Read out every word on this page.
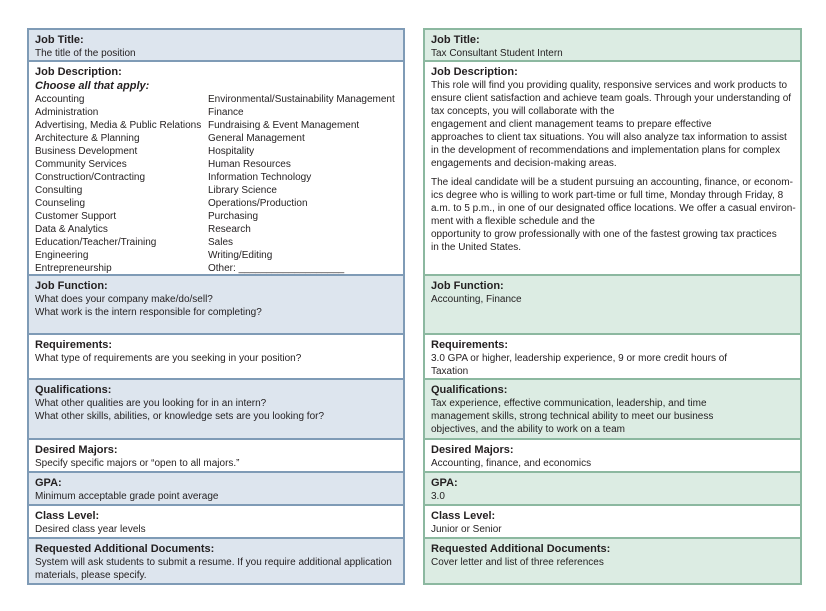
Job Title:
The title of the position
Job Description:
Choose all that apply:
Accounting
Administration
Advertising, Media & Public Relations
Architecture & Planning
Business Development
Community Services
Construction/Contracting
Consulting
Counseling
Customer Support
Data & Analytics
Education/Teacher/Training
Engineering
Entrepreneurship
Environmental/Sustainability Management
Finance
Fundraising & Event Management
General Management
Hospitality
Human Resources
Information Technology
Library Science
Operations/Production
Purchasing
Research
Sales
Writing/Editing
Other: ___________________
Job Function:
What does your company make/do/sell?
What work is the intern responsible for completing?
Requirements:
What type of requirements are you seeking in your position?
Qualifications:
What other qualities are you looking for in an intern?
What other skills, abilities, or knowledge sets are you looking for?
Desired Majors:
Specify specific majors or “open to all majors.”
GPA:
Minimum acceptable grade point average
Class Level:
Desired class year levels
Requested Additional Documents:
System will ask students to submit a resume. If you require additional application
materials, please specify.
Job Title:
Tax Consultant Student Intern
Job Description:
This role will find you providing quality, responsive services and work products to
ensure client satisfaction and achieve team goals. Through your understanding of
tax concepts, you will collaborate with the
engagement and client management teams to prepare effective
approaches to client tax situations. You will also analyze tax information to assist
in the development of recommendations and implementation plans for complex
engagements and decision-making areas.
The ideal candidate will be a student pursuing an accounting, finance, or econom-
ics degree who is willing to work part-time or full time, Monday through Friday, 8
a.m. to 5 p.m., in one of our designated office locations. We offer a casual environ-
ment with a flexible schedule and the
opportunity to grow professionally with one of the fastest growing tax practices
in the United States.
Job Function:
Accounting, Finance
Requirements:
3.0 GPA or higher, leadership experience, 9 or more credit hours of
Taxation
Qualifications:
Tax experience, effective communication, leadership, and time
management skills, strong technical ability to meet our business
objectives, and the ability to work on a team
Desired Majors:
Accounting, finance, and economics
GPA:
3.0
Class Level:
Junior or Senior
Requested Additional Documents:
Cover letter and list of three references
